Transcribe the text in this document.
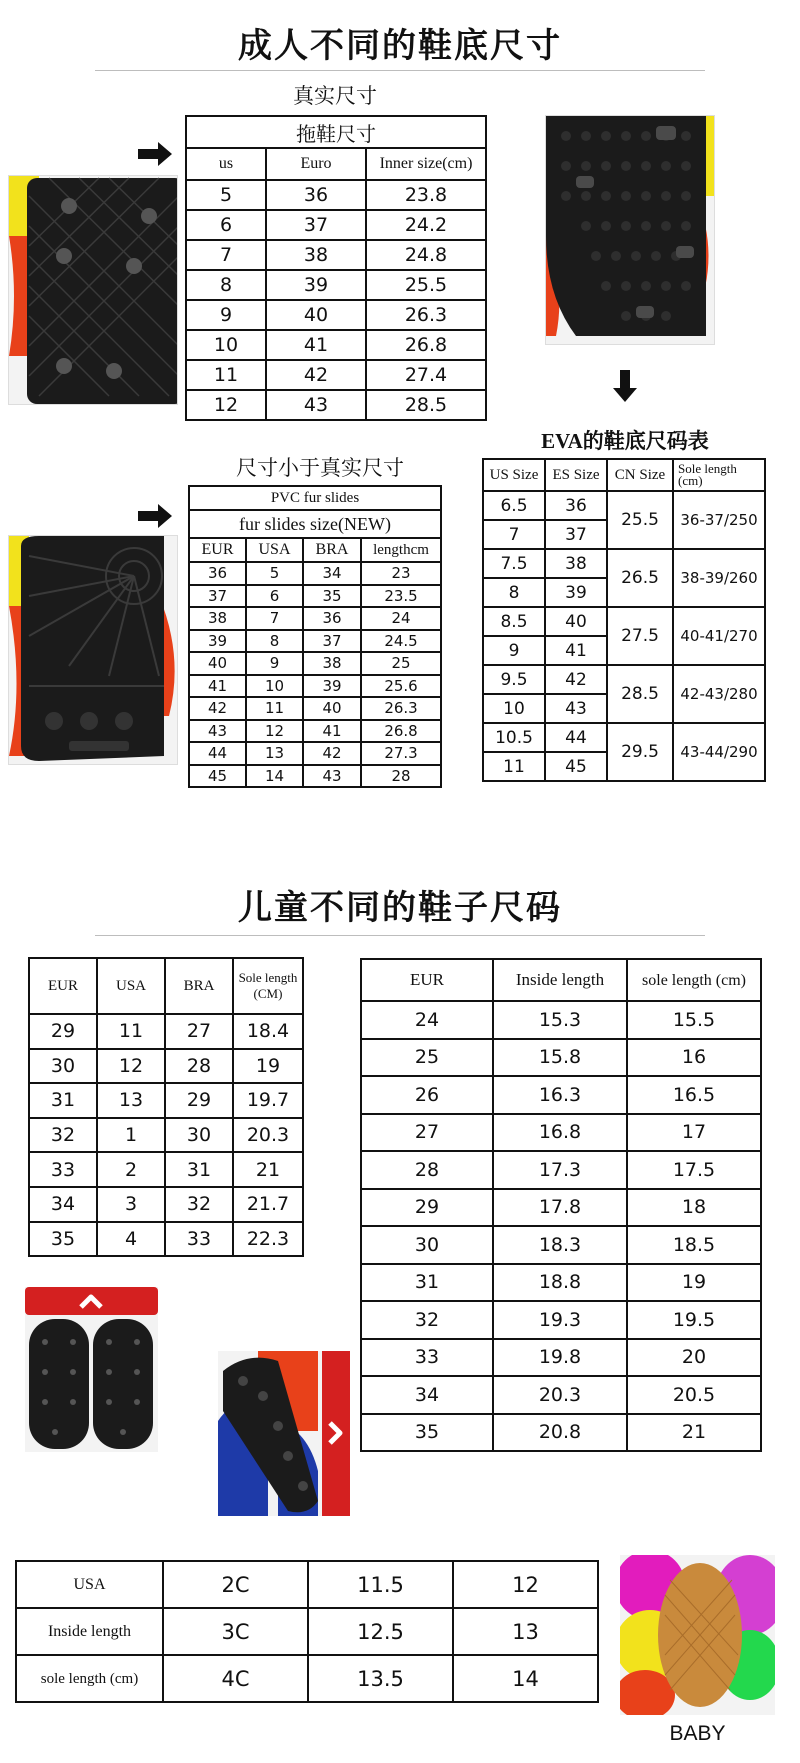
成人不同的鞋底尺寸
真实尺寸
拖鞋尺寸		
us	Euro	Inner size(cm)
5	36	23.8
6	37	24.2
7	38	24.8
8	39	25.5
9	40	26.3
10	41	26.8
11	42	27.4
12	43	28.5
尺寸小于真实尺寸
EVA的鞋底尺码表
PVC fur slides			
fur slides size(NEW)			
EUR	USA	BRA	lengthcm
36	5	34	23
37	6	35	23.5
38	7	36	24
39	8	37	24.5
40	9	38	25
41	10	39	25.6
42	11	40	26.3
43	12	41	26.8
44	13	42	27.3
45	14	43	28
US Size	ES Size	CN Size	Sole length (cm)
6.5	36	25.5	36-37/250
7	37		
7.5	38	26.5	38-39/260
8	39		
8.5	40	27.5	40-41/270
9	41		
9.5	42	28.5	42-43/280
10	43		
10.5	44	29.5	43-44/290
11	45		
儿童不同的鞋子尺码
EUR	USA	BRA	Sole length (CM)
29	11	27	18.4
30	12	28	19
31	13	29	19.7
32	1	30	20.3
33	2	31	21
34	3	32	21.7
35	4	33	22.3
EUR	Inside length	sole length (cm)
24	15.3	15.5
25	15.8	16
26	16.3	16.5
27	16.8	17
28	17.3	17.5
29	17.8	18
30	18.3	18.5
31	18.8	19
32	19.3	19.5
33	19.8	20
34	20.3	20.5
35	20.8	21
USA	2C	11.5	12
Inside length	3C	12.5	13
sole length (cm)	4C	13.5	14
BABY
